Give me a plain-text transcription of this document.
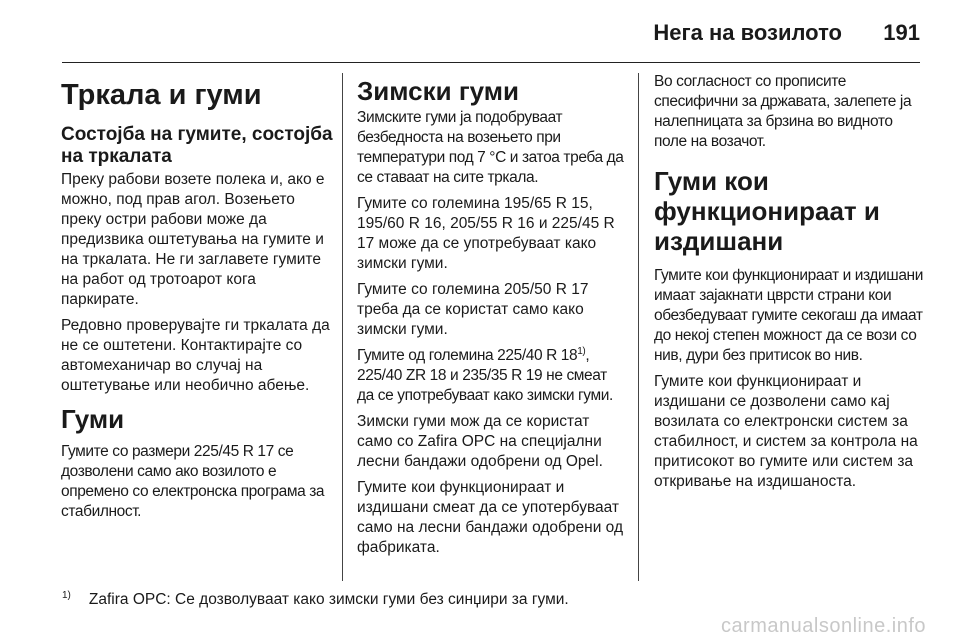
Нега на возилото 191
Тркала и гуми
Состојба на гумите, состојба на тркалата

Преку рабови возете полека и, ако е можно, под прав агол. Возењето преку остри рабови може да предизвика оштетувања на гумите и на тркалата. Не ги заглавете гумите на работ од тротоарот кога паркирате.

Редовно проверувајте ги тркалата да не се оштетени. Контактирајте со автомеханичар во случај на оштетување или необично абење.

Гуми

Гумите со размери 225/45 R 17 се дозволени само ако возилото е опремено со електронска програма за стабилност.

Зимски гуми

Зимските гуми ја подобруваат безбедноста на возењето при температури под 7 °C и затоа треба да се ставаат на сите тркала.

Гумите со големина 195/65 R 15, 195/60 R 16, 205/55 R 16 и 225/45 R 17 може да се употребуваат како зимски гуми.

Гумите со големина 205/50 R 17 треба да се користат само како зимски гуми.

Гумите од големина 225/40 R 18$^{1)}$, 225/40 ZR 18 и 235/35 R 19 не смеат да се употребуваат како зимски гуми.

Зимски гуми мож да се користат само со Zafira OPC на специјални лесни бандажи одобрени од Opel.

Гумите кои функционираат и издишани смеат да се употербуваат само на лесни бандажи одобрени од фабриката.

Во согласност со прописите спесифични за државата, залепете ја налепницата за брзина во видното поле на возачот.

Гуми кои функционираат и издишани

Гумите кои функционираат и издишани имаат зајакнати цврсти страни кои обезбедуваат гумите секогаш да имаат до некој степен можност да се вози со нив, дури без притисок во нив.

Гумите кои функционираат и издишани се дозволени само кај возилата со електронски систем за стабилност, и систем за контрола на притисокот во гумите или систем за откривање на издишаноста.

$^{1)}$ Zafira OPC: Се дозволуваат како зимски гуми без синџири за гуми.
carmanualsonline.info
